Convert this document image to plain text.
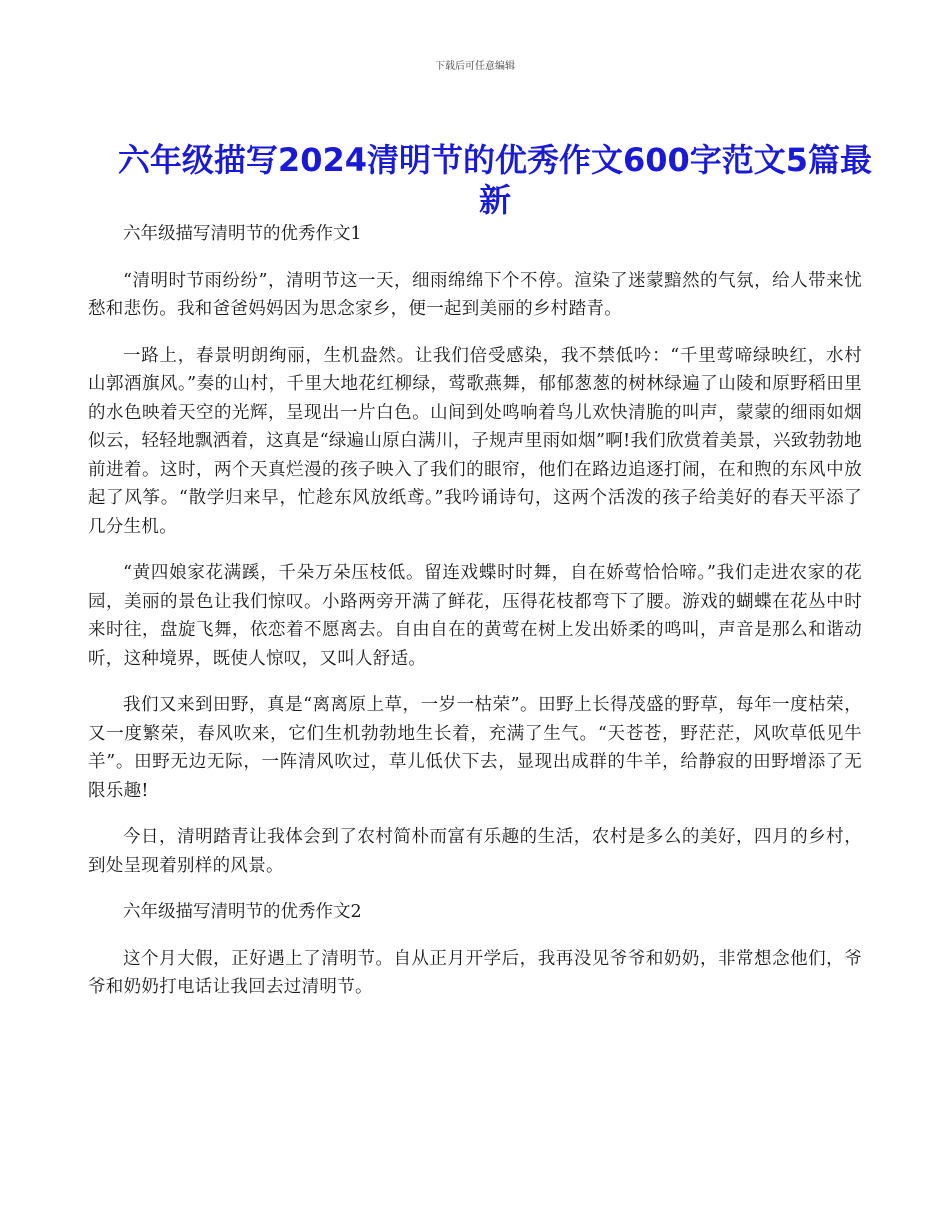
下载后可任意编辑
六年级描写2024清明节的优秀作文600字范文5篇最新

六年级描写清明节的优秀作文1

“清明时节雨纷纷”，清明节这一天，细雨绵绵下个不停。渲染了迷蒙黯然的气氛，给人带来忧愁和悲伤。我和爸爸妈妈因为思念家乡，便一起到美丽的乡村踏青。

一路上，春景明朗绚丽，生机盎然。让我们倍受感染，我不禁低吟：“千里莺啼绿映红，水村山郭酒旗风。”奏的山村，千里大地花红柳绿，莺歌燕舞，郁郁葱葱的树林绿遍了山陵和原野稻田里的水色映着天空的光辉，呈现出一片白色。山间到处鸣响着鸟儿欢快清脆的叫声，蒙蒙的细雨如烟似云，轻轻地飘洒着，这真是“绿遍山原白满川，子规声里雨如烟”啊!我们欣赏着美景，兴致勃勃地前进着。这时，两个天真烂漫的孩子映入了我们的眼帘，他们在路边追逐打闹，在和煦的东风中放起了风筝。“散学归来早，忙趁东风放纸鸢。”我吟诵诗句，这两个活泼的孩子给美好的春天平添了几分生机。

“黄四娘家花满蹊，千朵万朵压枝低。留连戏蝶时时舞，自在娇莺恰恰啼。”我们走进农家的花园，美丽的景色让我们惊叹。小路两旁开满了鲜花，压得花枝都弯下了腰。游戏的蝴蝶在花丛中时来时往，盘旋飞舞，依恋着不愿离去。自由自在的黄莺在树上发出娇柔的鸣叫，声音是那么和谐动听，这种境界，既使人惊叹，又叫人舒适。

我们又来到田野，真是“离离原上草，一岁一枯荣”。田野上长得茂盛的野草，每年一度枯荣，又一度繁荣，春风吹来，它们生机勃勃地生长着，充满了生气。“天苍苍，野茫茫，风吹草低见牛羊”。田野无边无际，一阵清风吹过，草儿低伏下去，显现出成群的牛羊，给静寂的田野增添了无限乐趣!

今日，清明踏青让我体会到了农村简朴而富有乐趣的生活，农村是多么的美好，四月的乡村，到处呈现着别样的风景。

六年级描写清明节的优秀作文2

这个月大假，正好遇上了清明节。自从正月开学后，我再没见爷爷和奶奶，非常想念他们，爷爷和奶奶打电话让我回去过清明节。
